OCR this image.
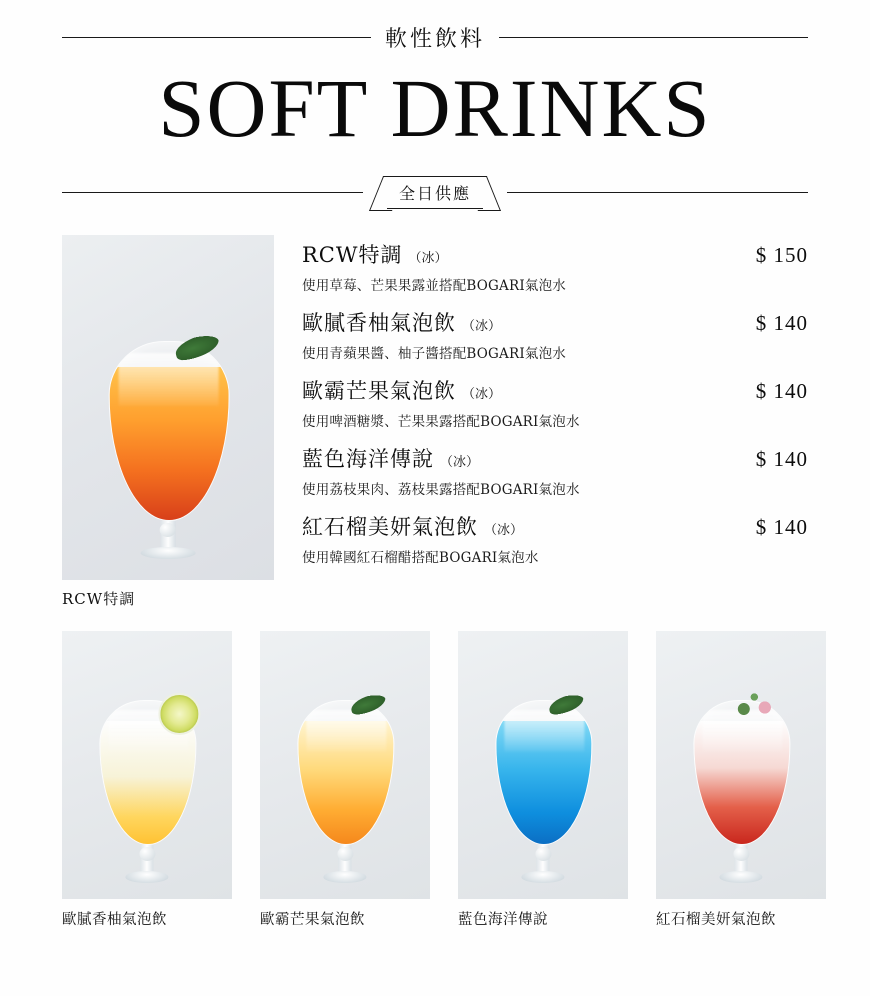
軟性飲料
SOFT DRINKS
全日供應
RCW特調
RCW特調 （冰）	$ 150
使用草莓、芒果果露並搭配BOGARI氣泡水
歐膩香柚氣泡飲 （冰）	$ 140
使用青蘋果醬、柚子醬搭配BOGARI氣泡水
歐霸芒果氣泡飲 （冰）	$ 140
使用啤酒糖漿、芒果果露搭配BOGARI氣泡水
藍色海洋傳說 （冰）	$ 140
使用荔枝果肉、荔枝果露搭配BOGARI氣泡水
紅石榴美妍氣泡飲 （冰）	$ 140
使用韓國紅石榴醋搭配BOGARI氣泡水
歐膩香柚氣泡飲	歐霸芒果氣泡飲	藍色海洋傳說	紅石榴美妍氣泡飲
